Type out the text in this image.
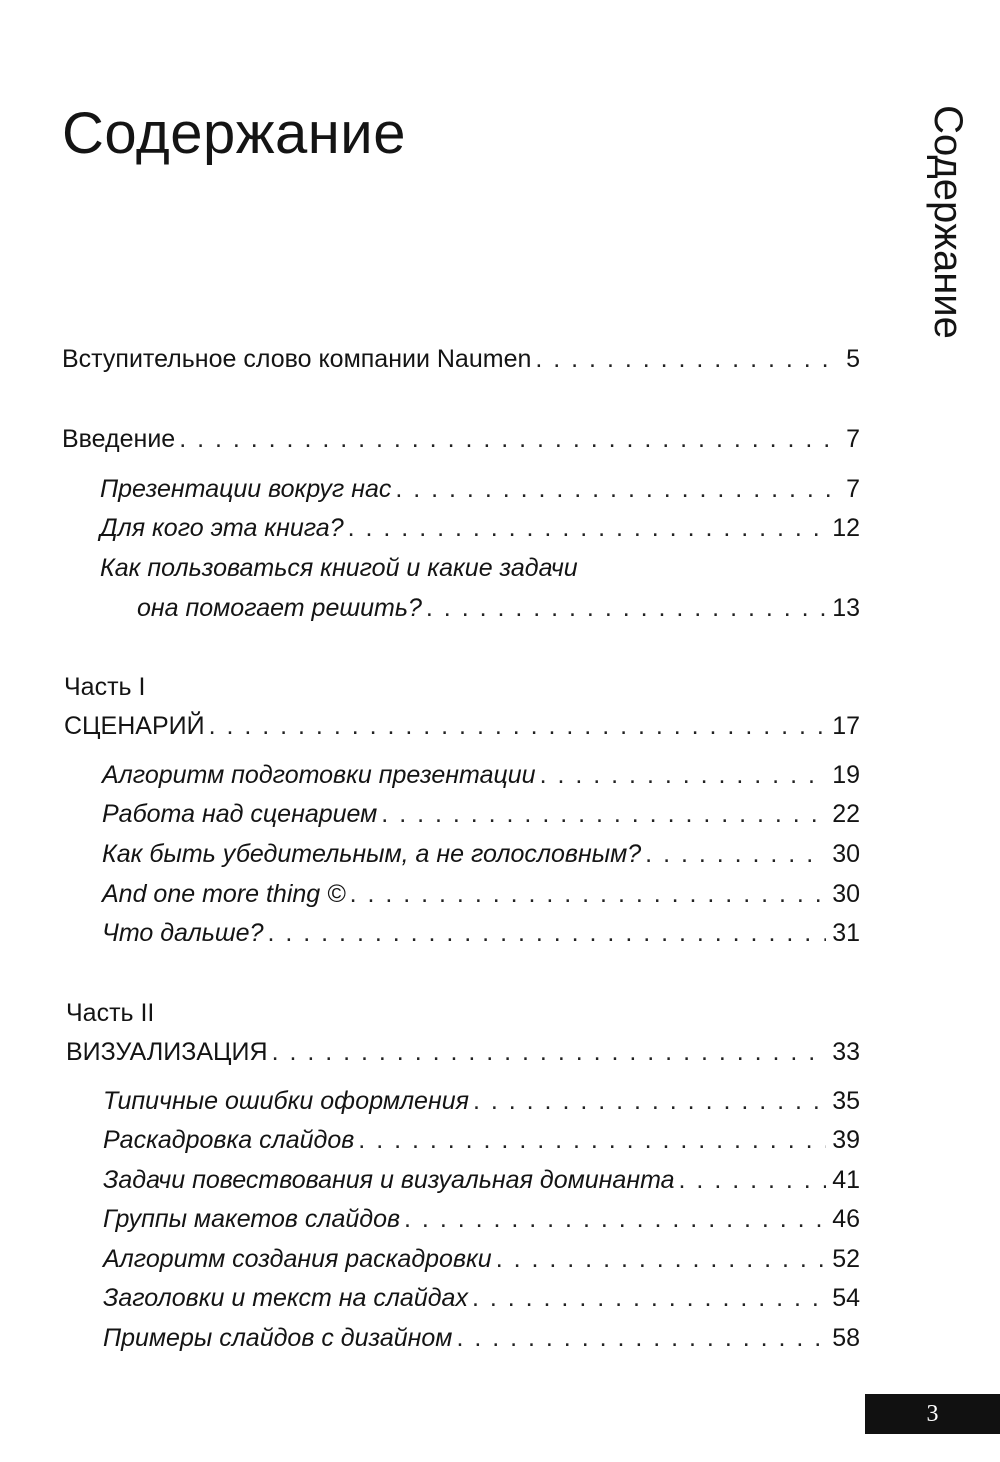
Содержание	Содержание
Вступительное слово компании Naumen . . .	5
Введение . . .	7
Презентации вокруг нас . . .	7
Для кого эта книга? . . .	12
Как пользоваться книгой и какие задачи
она помогает решить? . . .	13
Часть I
СЦЕНАРИЙ . . .	17
Алгоритм подготовки презентации . . .	19
Работа над сценарием . . .	22
Как быть убедительным, а не голословным? . . .	30
And one more thing © . . .	30
Что дальше? . . .	31
Часть II
ВИЗУАЛИЗАЦИЯ . . .	33
Типичные ошибки оформления . . .	35
Раскадровка слайдов . . .	39
Задачи повествования и визуальная доминанта . . .	41
Группы макетов слайдов . . .	46
Алгоритм создания раскадровки . . .	52
Заголовки и текст на слайдах . . .	54
Примеры слайдов с дизайном . . .	58
3
